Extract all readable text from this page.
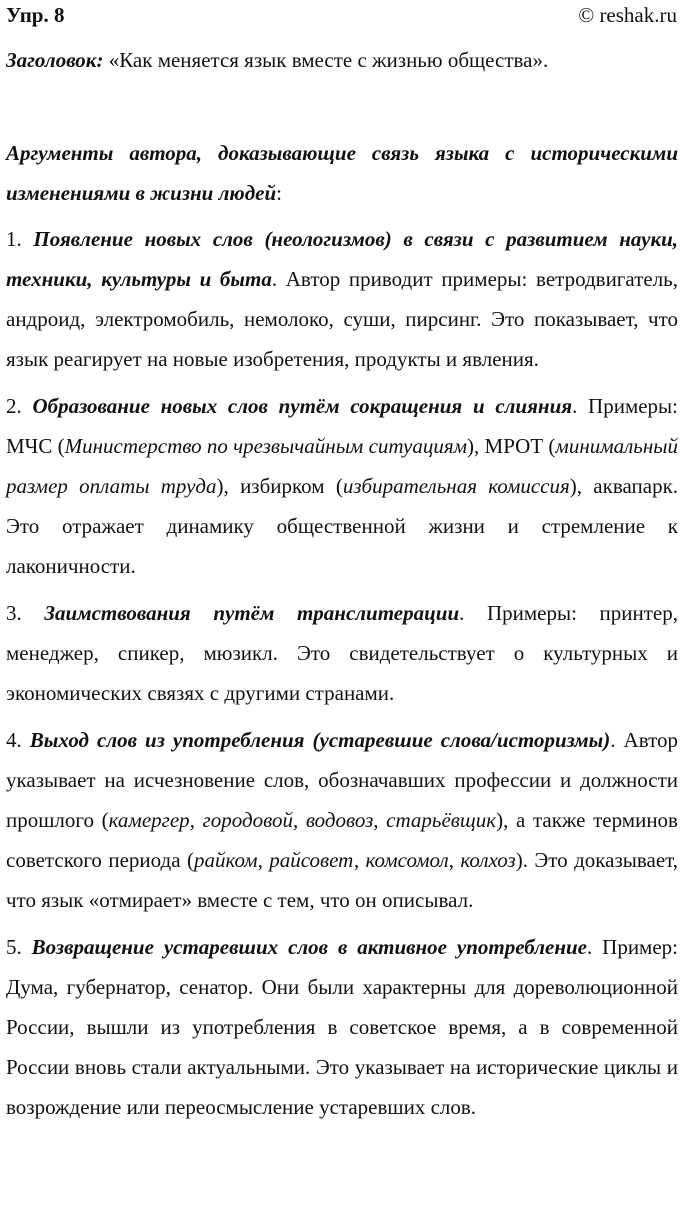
Упр. 8	© reshak.ru

Заголовок: «Как меняется язык вместе с жизнью общества».

Аргументы автора, доказывающие связь языка с историческими изменениями в жизни людей:

1. Появление новых слов (неологизмов) в связи с развитием науки, техники, культуры и быта. Автор приводит примеры: ветродвигатель, андроид, электромобиль, немолоко, суши, пирсинг. Это показывает, что язык реагирует на новые изобретения, продукты и явления.

2. Образование новых слов путём сокращения и слияния. Примеры: МЧС (Министерство по чрезвычайным ситуациям), МРОТ (минимальный размер оплаты труда), избирком (избирательная комиссия), аквапарк. Это отражает динамику общественной жизни и стремление к лаконичности.

3. Заимствования путём транслитерации. Примеры: принтер, менеджер, спикер, мюзикл. Это свидетельствует о культурных и экономических связях с другими странами.

4. Выход слов из употребления (устаревшие слова/историзмы). Автор указывает на исчезновение слов, обозначавших профессии и должности прошлого (камергер, городовой, водовоз, старьёвщик), а также терминов советского периода (райком, райсовет, комсомол, колхоз). Это доказывает, что язык «отмирает» вместе с тем, что он описывал.

5. Возвращение устаревших слов в активное употребление. Пример: Дума, губернатор, сенатор. Они были характерны для дореволюционной России, вышли из употребления в советское время, а в современной России вновь стали актуальными. Это указывает на исторические циклы и возрождение или переосмысление устаревших слов.
